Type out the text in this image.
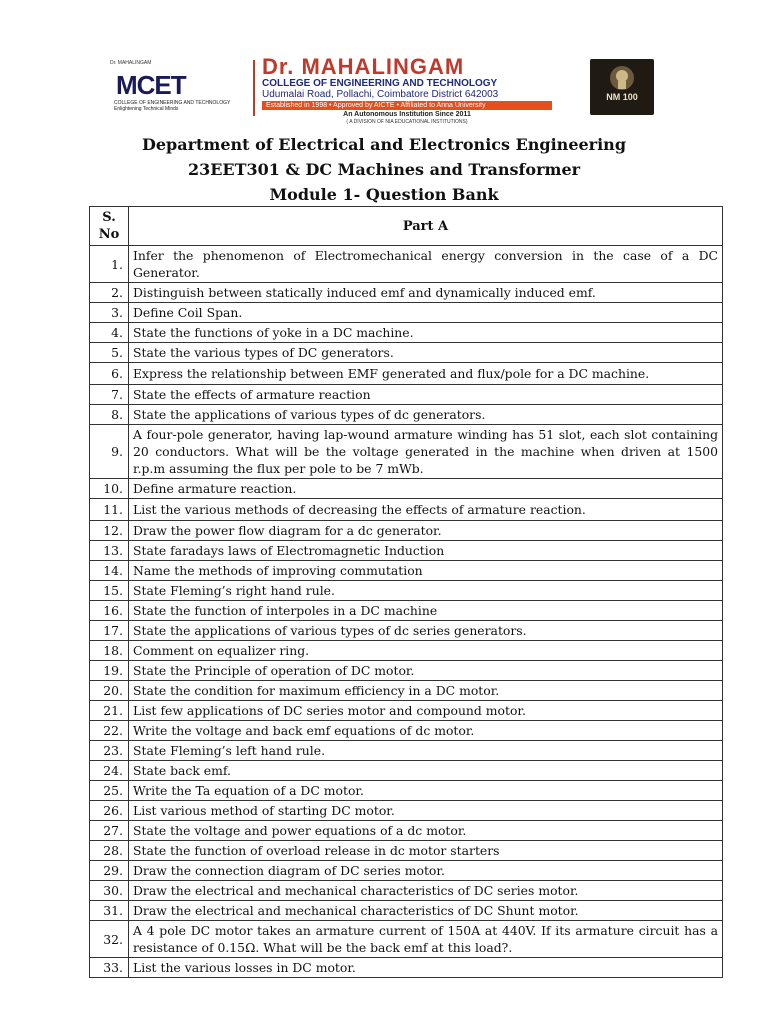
Dr. MAHALINGAM
MCET
COLLEGE OF ENGINEERING AND TECHNOLOGY
Enlightening Technical Minds
Dr. MAHALINGAM
COLLEGE OF ENGINEERING AND TECHNOLOGY
Udumalai Road, Pollachi, Coimbatore District 642003
Established in 1998 • Approved by AICTE • Affiliated to Anna University
An Autonomous Institution Since 2011
( A DIVISION OF NIA EDUCATIONAL INSTITUTIONS)
NM 100
Department of Electrical and Electronics Engineering
23EET301 & DC Machines and Transformer
Module 1- Question Bank
S. No	Part A
1.	Infer the phenomenon of Electromechanical energy conversion in the case of a DC Generator.
2.	Distinguish between statically induced emf and dynamically induced emf.
3.	Define Coil Span.
4.	State the functions of yoke in a DC machine.
5.	State the various types of DC generators.
6.	Express the relationship between EMF generated and flux/pole for a DC machine.
7.	State the effects of armature reaction
8.	State the applications of various types of dc generators.
9.	A four-pole generator, having lap-wound armature winding has 51 slot, each slot containing 20 conductors. What will be the voltage generated in the machine when driven at 1500 r.p.m assuming the flux per pole to be 7 mWb.
10.	Define armature reaction.
11.	List the various methods of decreasing the effects of armature reaction.
12.	Draw the power flow diagram for a dc generator.
13.	State faradays laws of Electromagnetic Induction
14.	Name the methods of improving commutation
15.	State Fleming’s right hand rule.
16.	State the function of interpoles in a DC machine
17.	State the applications of various types of dc series generators.
18.	Comment on equalizer ring.
19.	State the Principle of operation of DC motor.
20.	State the condition for maximum efficiency in a DC motor.
21.	List few applications of DC series motor and compound motor.
22.	Write the voltage and back emf equations of dc motor.
23.	State Fleming’s left hand rule.
24.	State back emf.
25.	Write the Ta equation of a DC motor.
26.	List various method of starting DC motor.
27.	State the voltage and power equations of a dc motor.
28.	State the function of overload release in dc motor starters
29.	Draw the connection diagram of DC series motor.
30.	Draw the electrical and mechanical characteristics of DC series motor.
31.	Draw the electrical and mechanical characteristics of DC Shunt motor.
32.	A 4 pole DC motor takes an armature current of 150A at 440V. If its armature circuit has a resistance of 0.15Ω. What will be the back emf at this load?.
33.	List the various losses in DC motor.
